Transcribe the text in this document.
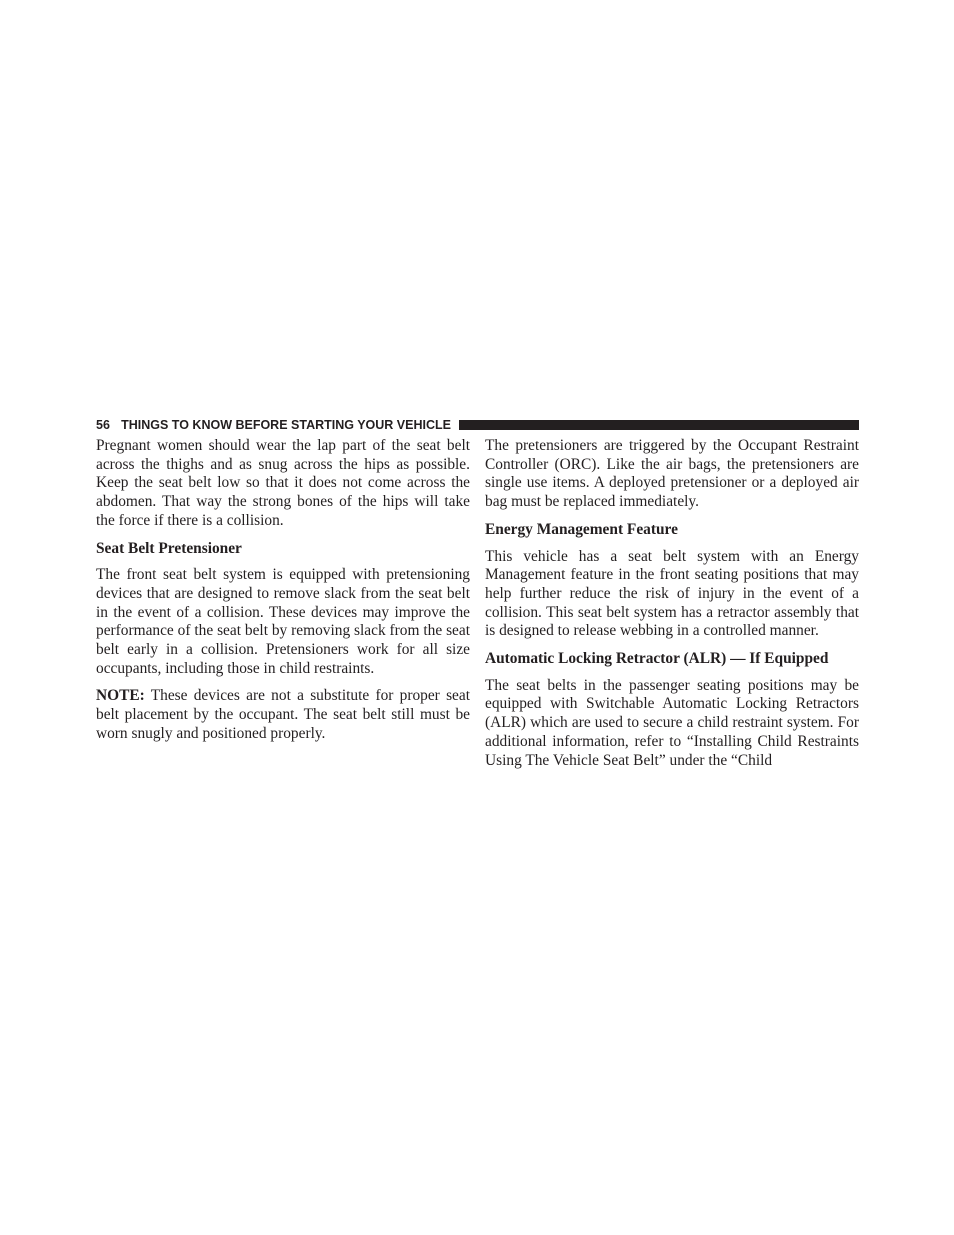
56 THINGS TO KNOW BEFORE STARTING YOUR VEHICLE

Pregnant women should wear the lap part of the seat belt across the thighs and as snug across the hips as possible. Keep the seat belt low so that it does not come across the abdomen. That way the strong bones of the hips will take the force if there is a collision.

Seat Belt Pretensioner

The front seat belt system is equipped with pretensioning devices that are designed to remove slack from the seat belt in the event of a collision. These devices may improve the performance of the seat belt by removing slack from the seat belt early in a collision. Pretensioners work for all size occupants, including those in child restraints.

NOTE: These devices are not a substitute for proper seat belt placement by the occupant. The seat belt still must be worn snugly and positioned properly.

The pretensioners are triggered by the Occupant Restraint Controller (ORC). Like the air bags, the pretensioners are single use items. A deployed pretensioner or a deployed air bag must be replaced immediately.

Energy Management Feature

This vehicle has a seat belt system with an Energy Management feature in the front seating positions that may help further reduce the risk of injury in the event of a collision. This seat belt system has a retractor assembly that is designed to release webbing in a controlled manner.

Automatic Locking Retractor (ALR) — If Equipped

The seat belts in the passenger seating positions may be equipped with Switchable Automatic Locking Retractors (ALR) which are used to secure a child restraint system. For additional information, refer to “Installing Child Restraints Using The Vehicle Seat Belt” under the “Child
